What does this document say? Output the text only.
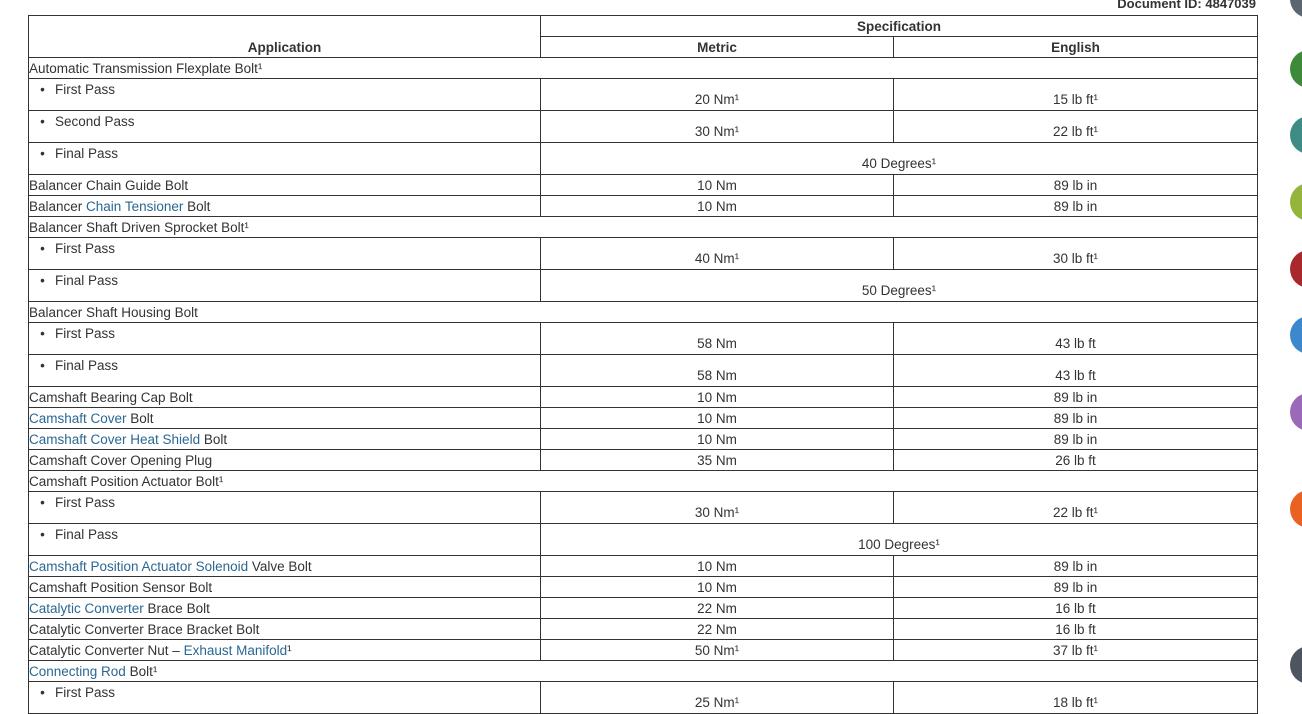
Document ID: 4847039
Application	Specification	
	Metric	English
Automatic Transmission Flexplate Bolt¹		
• First Pass	20 Nm¹	15 lb ft¹
• Second Pass	30 Nm¹	22 lb ft¹
• Final Pass	40 Degrees¹	
Balancer Chain Guide Bolt	10 Nm	89 lb in
Balancer Chain Tensioner Bolt	10 Nm	89 lb in
Balancer Shaft Driven Sprocket Bolt¹		
• First Pass	40 Nm¹	30 lb ft¹
• Final Pass	50 Degrees¹	
Balancer Shaft Housing Bolt		
• First Pass	58 Nm	43 lb ft
• Final Pass	58 Nm	43 lb ft
Camshaft Bearing Cap Bolt	10 Nm	89 lb in
Camshaft Cover Bolt	10 Nm	89 lb in
Camshaft Cover Heat Shield Bolt	10 Nm	89 lb in
Camshaft Cover Opening Plug	35 Nm	26 lb ft
Camshaft Position Actuator Bolt¹		
• First Pass	30 Nm¹	22 lb ft¹
• Final Pass	100 Degrees¹	
Camshaft Position Actuator Solenoid Valve Bolt	10 Nm	89 lb in
Camshaft Position Sensor Bolt	10 Nm	89 lb in
Catalytic Converter Brace Bolt	22 Nm	16 lb ft
Catalytic Converter Brace Bracket Bolt	22 Nm	16 lb ft
Catalytic Converter Nut – Exhaust Manifold¹	50 Nm¹	37 lb ft¹
Connecting Rod Bolt¹		
• First Pass	25 Nm¹	18 lb ft¹
